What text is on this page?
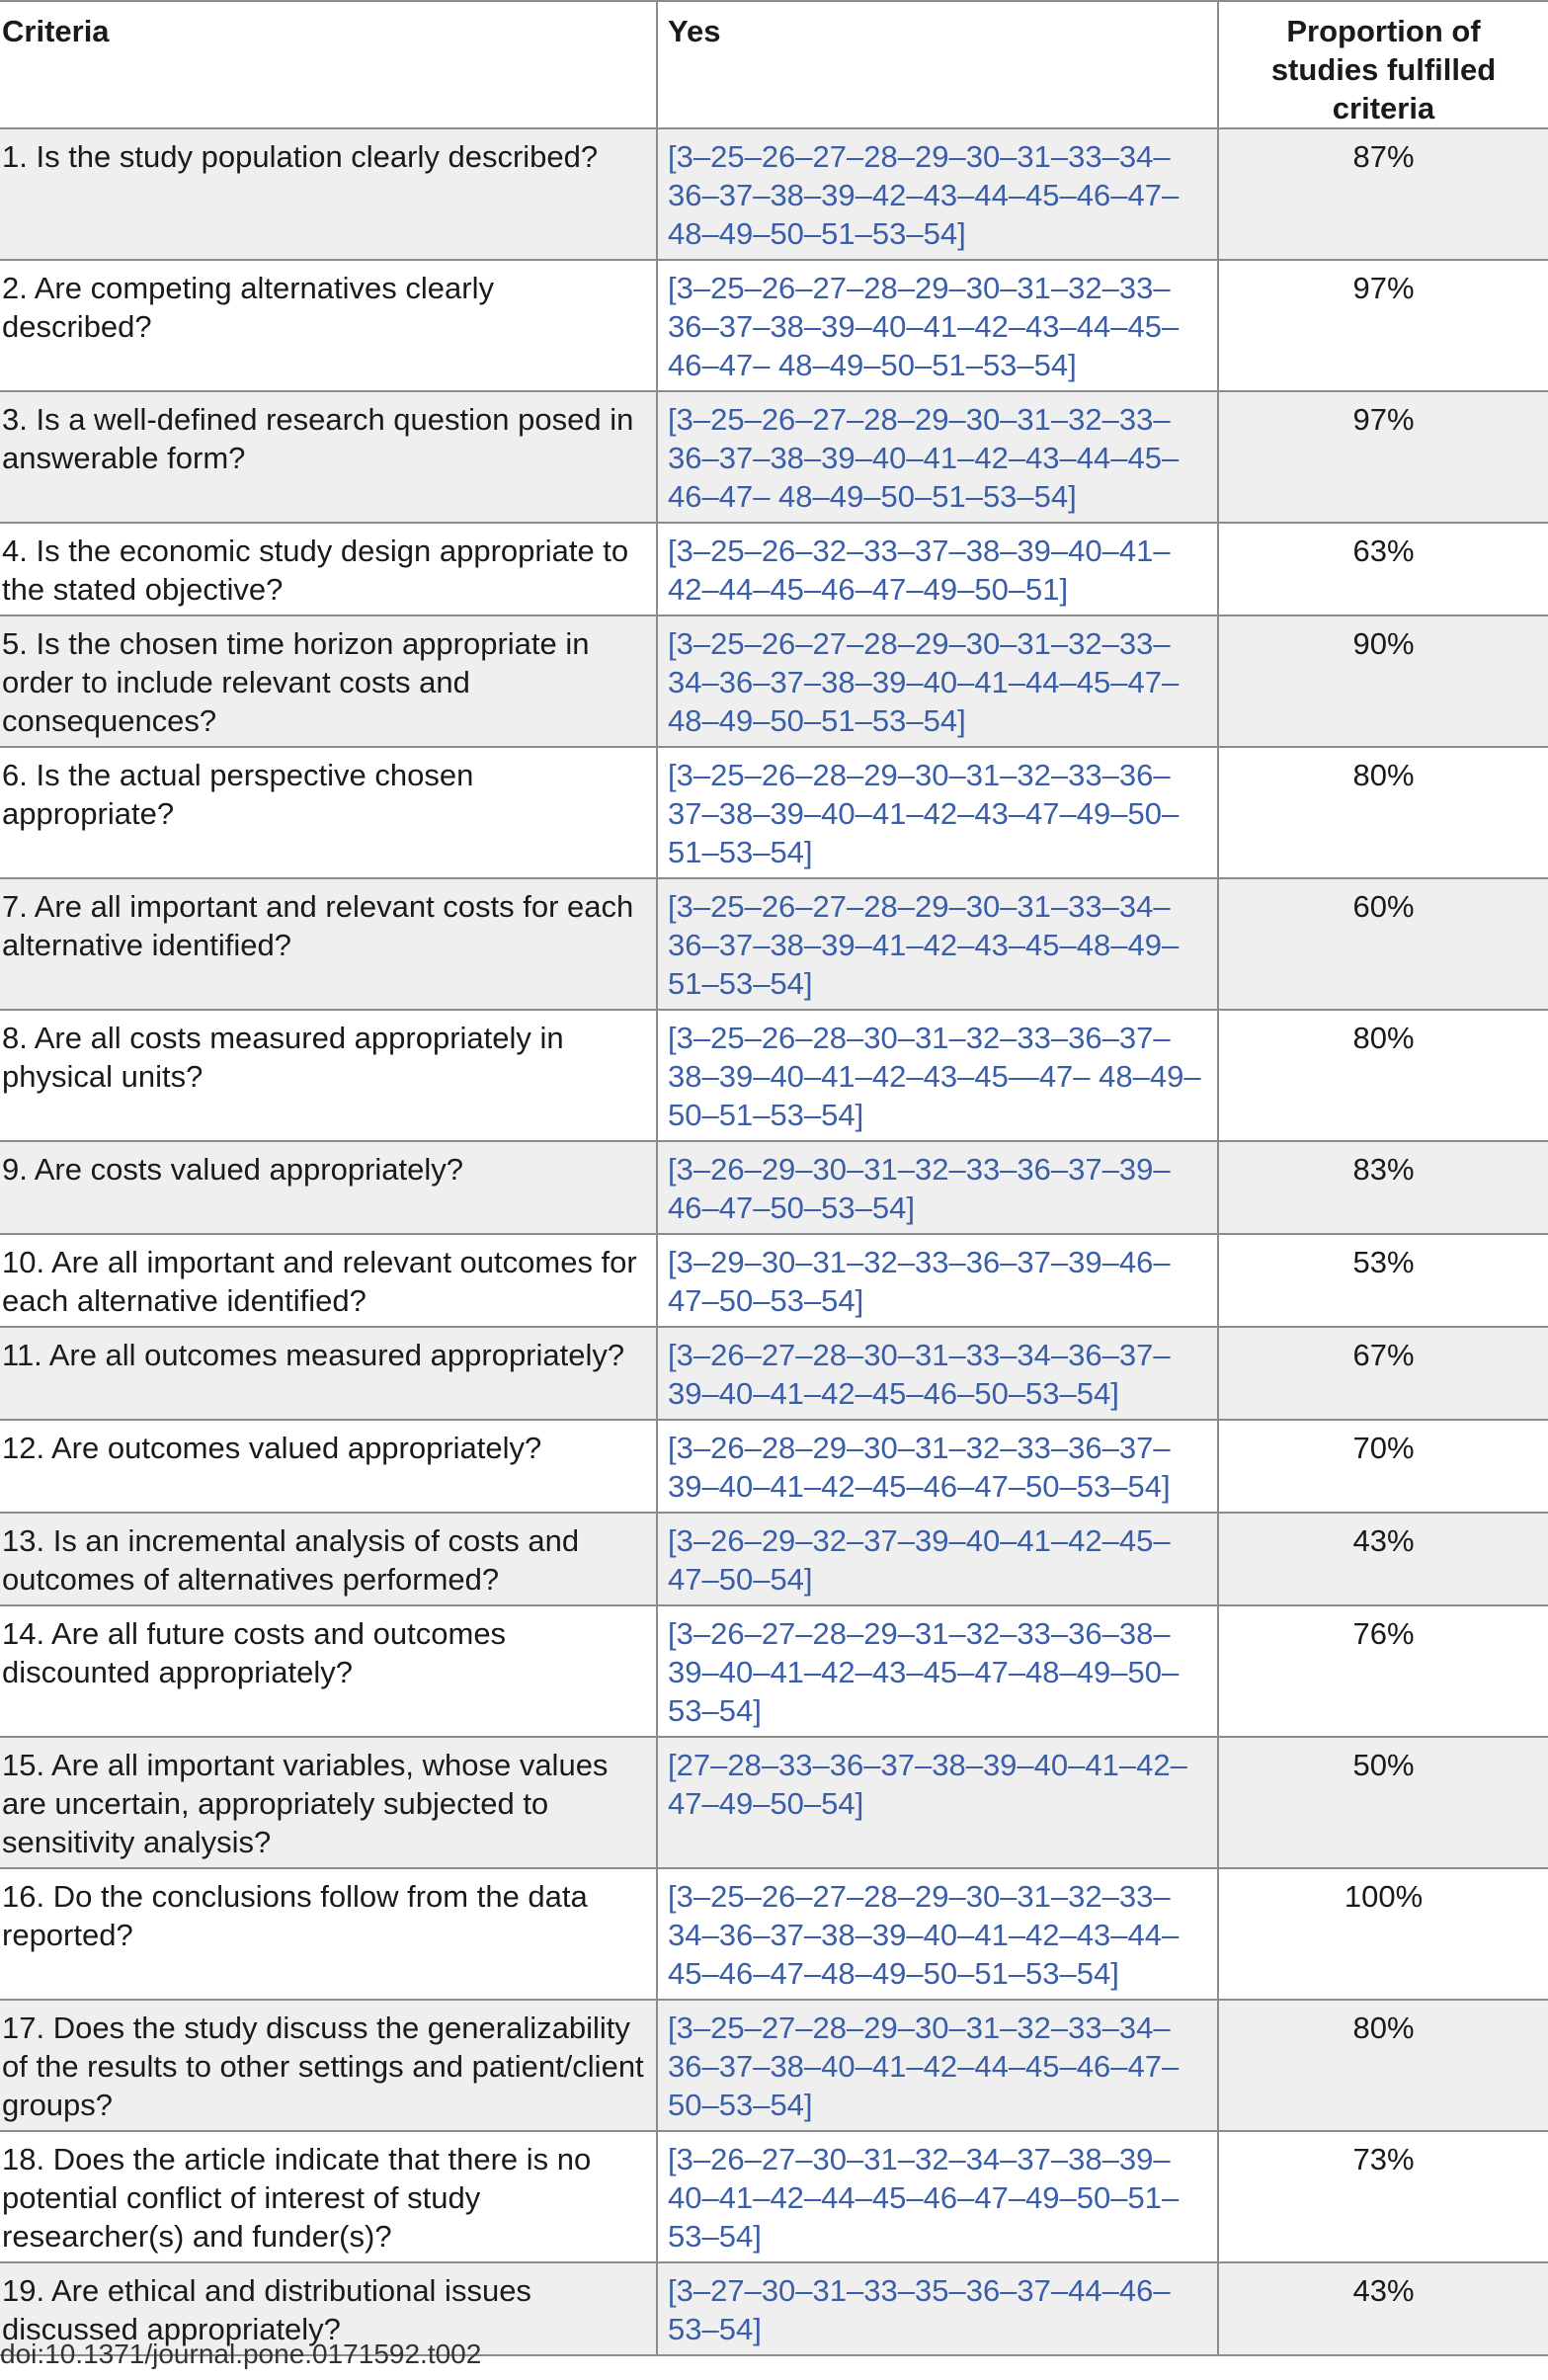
Criteria	Yes	Proportion of studies fulfilled criteria
1. Is the study population clearly described?	[3–25–26–27–28–29–30–31–33–34–36–37–38–39–42–43–44–45–46–47–48–49–50–51–53–54]	87%
2. Are competing alternatives clearly described?	[3–25–26–27–28–29–30–31–32–33–36–37–38–39–40–41–42–43–44–45–46–47– 48–49–50–51–53–54]	97%
3. Is a well-defined research question posed in answerable form?	[3–25–26–27–28–29–30–31–32–33–36–37–38–39–40–41–42–43–44–45–46–47– 48–49–50–51–53–54]	97%
4. Is the economic study design appropriate to the stated objective?	[3–25–26–32–33–37–38–39–40–41–42–44–45–46–47–49–50–51]	63%
5. Is the chosen time horizon appropriate in order to include relevant costs and consequences?	[3–25–26–27–28–29–30–31–32–33–34–36–37–38–39–40–41–44–45–47–48–49–50–51–53–54]	90%
6. Is the actual perspective chosen appropriate?	[3–25–26–28–29–30–31–32–33–36–37–38–39–40–41–42–43–47–49–50–51–53–54]	80%
7. Are all important and relevant costs for each alternative identified?	[3–25–26–27–28–29–30–31–33–34–36–37–38–39–41–42–43–45–48–49–51–53–54]	60%
8. Are all costs measured appropriately in physical units?	[3–25–26–28–30–31–32–33–36–37–38–39–40–41–42–43–45—47– 48–49–50–51–53–54]	80%
9. Are costs valued appropriately?	[3–26–29–30–31–32–33–36–37–39–46–47–50–53–54]	83%
10. Are all important and relevant outcomes for each alternative identified?	[3–29–30–31–32–33–36–37–39–46–47–50–53–54]	53%
11. Are all outcomes measured appropriately?	[3–26–27–28–30–31–33–34–36–37–39–40–41–42–45–46–50–53–54]	67%
12. Are outcomes valued appropriately?	[3–26–28–29–30–31–32–33–36–37–39–40–41–42–45–46–47–50–53–54]	70%
13. Is an incremental analysis of costs and outcomes of alternatives performed?	[3–26–29–32–37–39–40–41–42–45–47–50–54]	43%
14. Are all future costs and outcomes discounted appropriately?	[3–26–27–28–29–31–32–33–36–38–39–40–41–42–43–45–47–48–49–50–53–54]	76%
15. Are all important variables, whose values are uncertain, appropriately subjected to sensitivity analysis?	[27–28–33–36–37–38–39–40–41–42–47–49–50–54]	50%
16. Do the conclusions follow from the data reported?	[3–25–26–27–28–29–30–31–32–33–34–36–37–38–39–40–41–42–43–44–45–46–47–48–49–50–51–53–54]	100%
17. Does the study discuss the generalizability of the results to other settings and patient/client groups?	[3–25–27–28–29–30–31–32–33–34–36–37–38–40–41–42–44–45–46–47–50–53–54]	80%
18. Does the article indicate that there is no potential conflict of interest of study researcher(s) and funder(s)?	[3–26–27–30–31–32–34–37–38–39–40–41–42–44–45–46–47–49–50–51–53–54]	73%
19. Are ethical and distributional issues discussed appropriately?	[3–27–30–31–33–35–36–37–44–46–53–54]	43%
doi:10.1371/journal.pone.0171592.t002
